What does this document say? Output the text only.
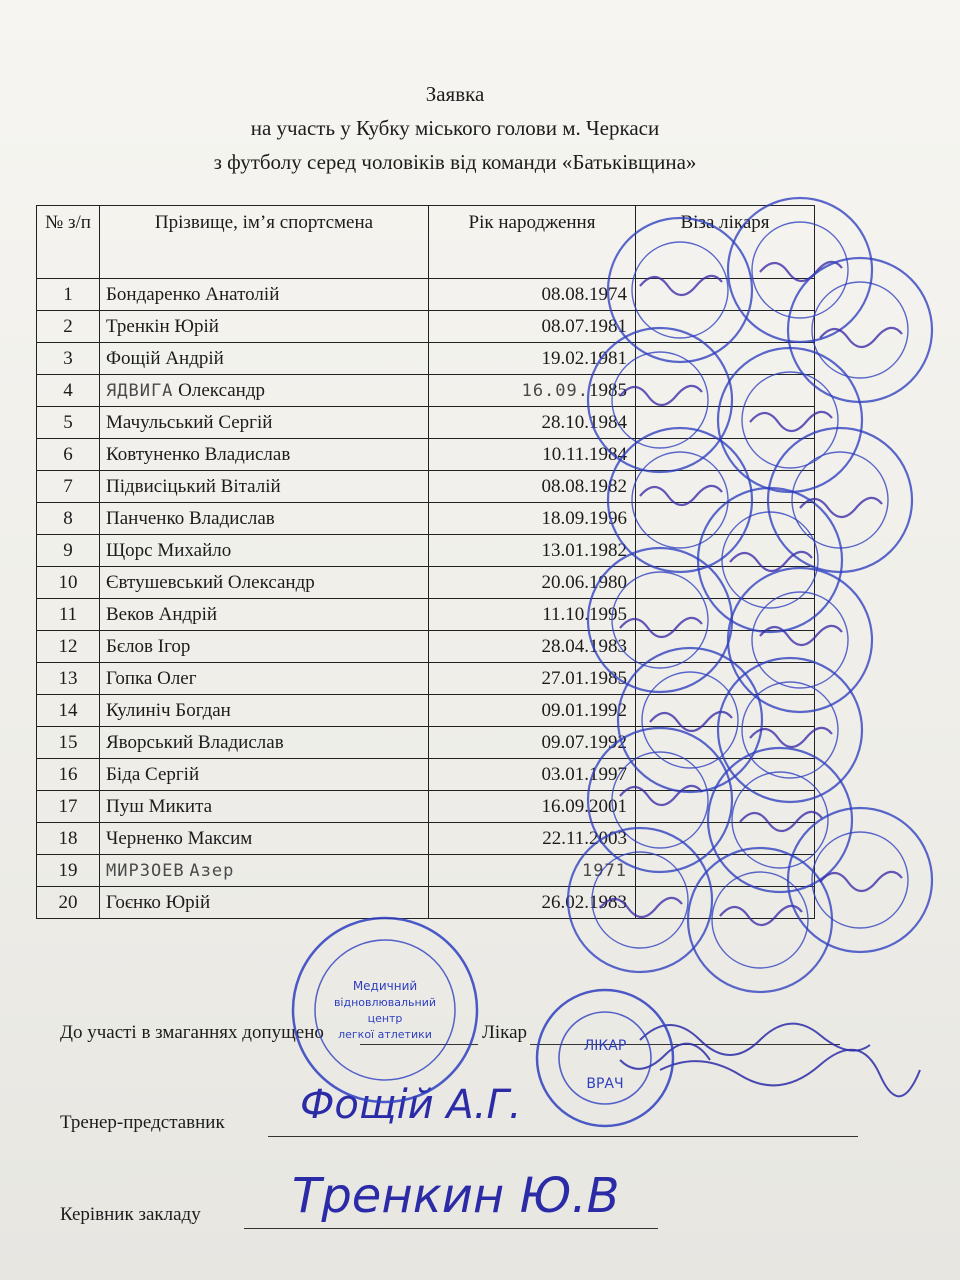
Заявка
на участь у Кубку міського голови м. Черкаси
з футболу серед чоловіків від команди «Батьківщина»
№ з/п	Прізвище, ім’я спортсмена	Рік народження	Віза лікаря
1	Бондаренко Анатолій	08.08.1974	
2	Тренкін Юрій	08.07.1981	
3	Фощій Андрій	19.02.1981	
4	ЯДВИГА Олександр	16.09.1985	
5	Мачульський Сергій	28.10.1984	
6	Ковтуненко Владислав	10.11.1984	
7	Підвисіцький Віталій	08.08.1982	
8	Панченко Владислав	18.09.1996	
9	Щорс Михайло	13.01.1982	
10	Євтушевський Олександр	20.06.1980	
11	Веков Андрій	11.10.1995	
12	Бєлов Ігор	28.04.1983	
13	Гопка Олег	27.01.1985	
14	Кулиніч Богдан	09.01.1992	
15	Яворський Владислав	09.07.1992	
16	Біда Сергій	03.01.1997	
17	Пуш Микита	16.09.2001	
18	Черненко Максим	22.11.2003	
19	МИРЗОЕВ Азер	1971	
20	Гоєнко Юрій	26.02.1983	
До участі в змаганнях допущено	Лікар
Тренер-представник Фощій А.Г.
Керівник закладу Тренкин Ю.В
Медичний
відновлювальний
центр
легкої атлетики
ЛІКАР
ВРАЧ
